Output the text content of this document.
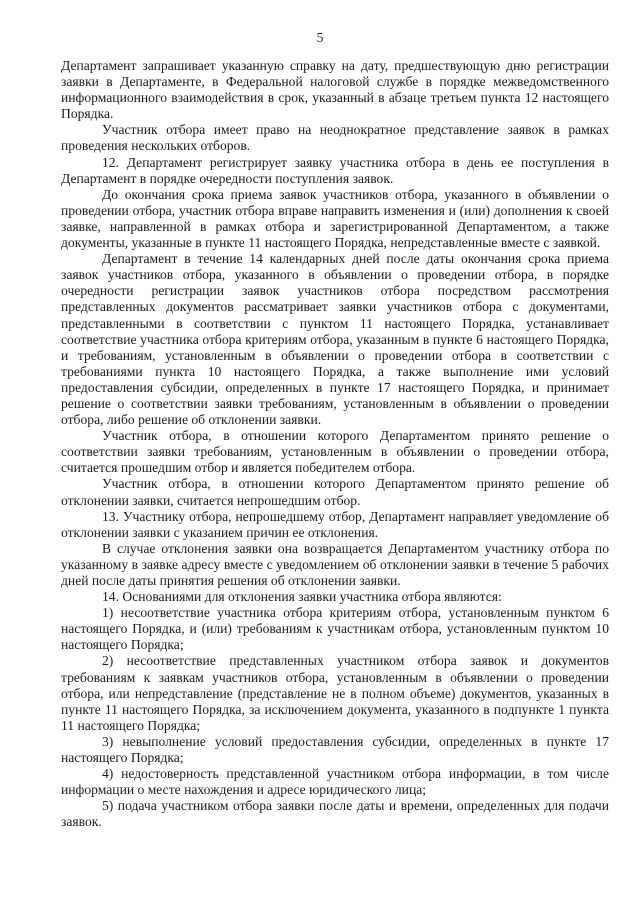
5

Департамент запрашивает указанную справку на дату, предшествующую дню регистрации заявки в Департаменте, в Федеральной налоговой службе в порядке межведомственного информационного взаимодействия в срок, указанный в абзаце третьем пункта 12 настоящего Порядка.

Участник отбора имеет право на неоднократное представление заявок в рамках проведения нескольких отборов.

12. Департамент регистрирует заявку участника отбора в день ее поступления в Департамент в порядке очередности поступления заявок.

До окончания срока приема заявок участников отбора, указанного в объявлении о проведении отбора, участник отбора вправе направить изменения и (или) дополнения к своей заявке, направленной в рамках отбора и зарегистрированной Департаментом, а также документы, указанные в пункте 11 настоящего Порядка, непредставленные вместе с заявкой.

Департамент в течение 14 календарных дней после даты окончания срока приема заявок участников отбора, указанного в объявлении о проведении отбора, в порядке очередности регистрации заявок участников отбора посредством рассмотрения представленных документов рассматривает заявки участников отбора с документами, представленными в соответствии с пунктом 11 настоящего Порядка, устанавливает соответствие участника отбора критериям отбора, указанным в пункте 6 настоящего Порядка, и требованиям, установленным в объявлении о проведении отбора в соответствии с требованиями пункта 10 настоящего Порядка, а также выполнение ими условий предоставления субсидии, определенных в пункте 17 настоящего Порядка, и принимает решение о соответствии заявки требованиям, установленным в объявлении о проведении отбора, либо решение об отклонении заявки.

Участник отбора, в отношении которого Департаментом принято решение о соответствии заявки требованиям, установленным в объявлении о проведении отбора, считается прошедшим отбор и является победителем отбора.

Участник отбора, в отношении которого Департаментом принято решение об отклонении заявки, считается непрошедшим отбор.

13. Участнику отбора, непрошедшему отбор, Департамент направляет уведомление об отклонении заявки с указанием причин ее отклонения.

В случае отклонения заявки она возвращается Департаментом участнику отбора по указанному в заявке адресу вместе с уведомлением об отклонении заявки в течение 5 рабочих дней после даты принятия решения об отклонении заявки.

14. Основаниями для отклонения заявки участника отбора являются:

1) несоответствие участника отбора критериям отбора, установленным пунктом 6 настоящего Порядка, и (или) требованиям к участникам отбора, установленным пунктом 10 настоящего Порядка;

2) несоответствие представленных участником отбора заявок и документов требованиям к заявкам участников отбора, установленным в объявлении о проведении отбора, или непредставление (представление не в полном объеме) документов, указанных в пункте 11 настоящего Порядка, за исключением документа, указанного в подпункте 1 пункта 11 настоящего Порядка;

3) невыполнение условий предоставления субсидии, определенных в пункте 17 настоящего Порядка;

4) недостоверность представленной участником отбора информации, в том числе информации о месте нахождения и адресе юридического лица;

5) подача участником отбора заявки после даты и времени, определенных для подачи заявок.
